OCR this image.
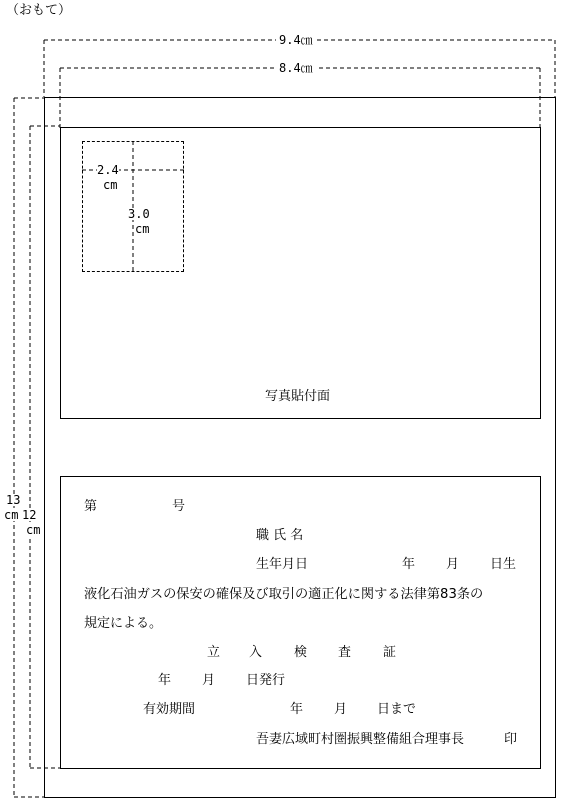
（おもて）
9.4㎝
8.4㎝
13
cm 12
cm
2.4
cm
3.0
cm
写真貼付面
第	号
職 氏 名
生年月日	年 月 日生
液化石油ガスの保安の確保及び取引の適正化に関する法律第83条の
規定による。
立 入 検 査 証
年 月 日発行
有効期間	年 月 日まで
吾妻広域町村圏振興整備組合理事長	印
